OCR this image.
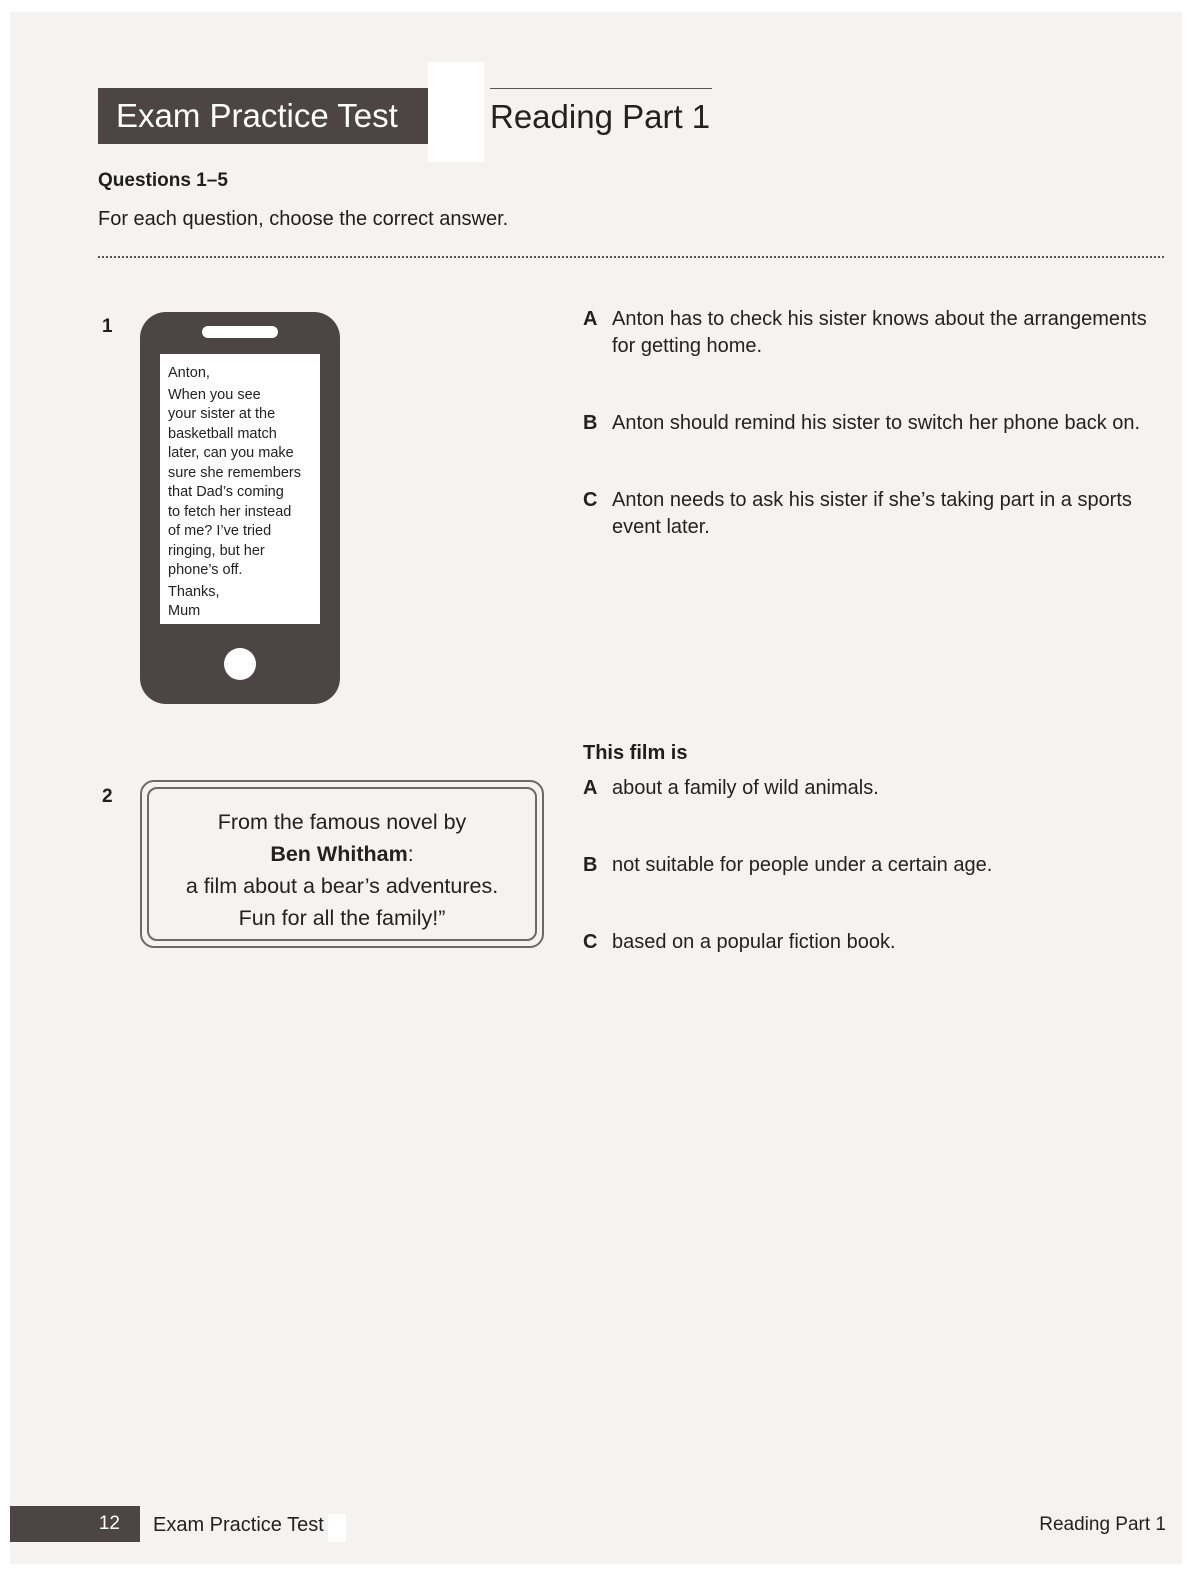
Exam Practice Test	Reading Part 1
Questions 1–5
For each question, choose the correct answer.
1
Anton,
When you see
your sister at the
basketball match
later, can you make
sure she remembers
that Dad’s coming
to fetch her instead
of me? I’ve tried
ringing, but her
phone’s off.
Thanks,
Mum
A Anton has to check his sister knows about the arrangements for getting home.
B Anton should remind his sister to switch her phone back on.
C Anton needs to ask his sister if she’s taking part in a sports event later.
2
From the famous novel by
Ben Whitham:
a film about a bear’s adventures.
Fun for all the family!”
This film is
A about a family of wild animals.
B not suitable for people under a certain age.
C based on a popular fiction book.
12	Exam Practice Test	Reading Part 1
